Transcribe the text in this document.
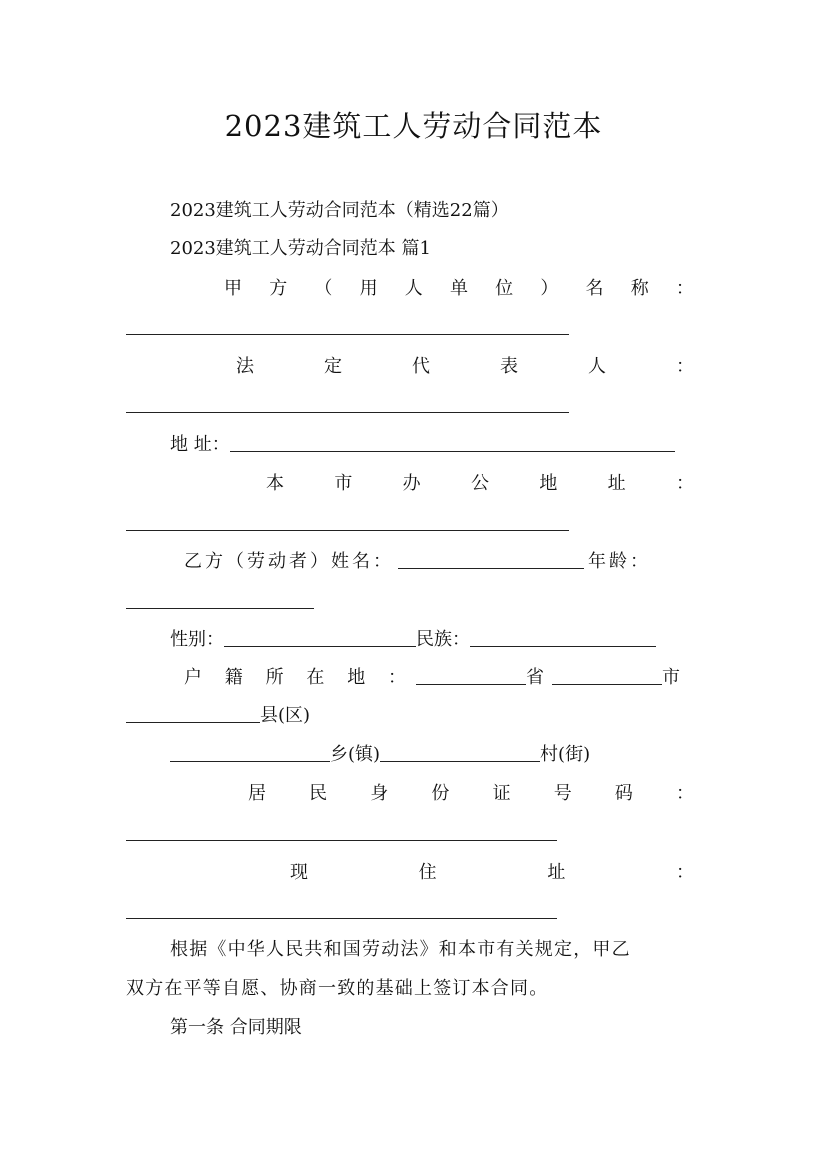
2023建筑工人劳动合同范本
2023建筑工人劳动合同范本（精选22篇）
2023建筑工人劳动合同范本 篇1
甲 方 （ 用 人 单 位 ） 名 称 ：
法	定	代	表	人	：
地 址：
本	市	办	公	地	址	：
乙方（劳动者）姓名：	年龄：
性别：	民族：
户 籍 所 在 地 ：	省	市
县(区)
乡(镇)	村(街)
居 民 身 份 证 号 码 ：
现	住	址	：
根据《中华人民共和国劳动法》和本市有关规定，甲乙
双方在平等自愿、协商一致的基础上签订本合同。
第一条 合同期限
